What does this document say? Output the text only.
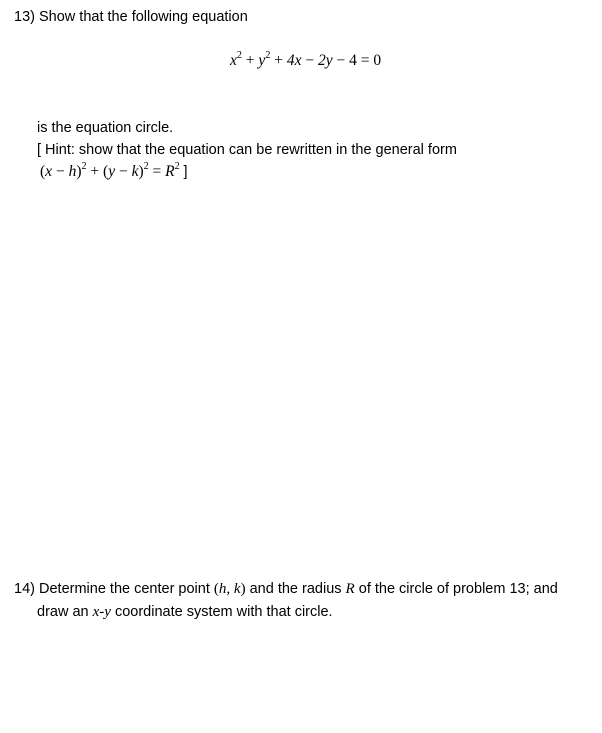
13) Show that the following equation
$x^2 + y^2 + 4x - 2y - 4 = 0$
is the equation circle.
[ Hint: show that the equation can be rewritten in the general form
$(x - h)^2 + (y - k)^2 = R^2$ ]
14) Determine the center point (h, k) and the radius R of the circle of problem 13; and
draw an x-y coordinate system with that circle.
